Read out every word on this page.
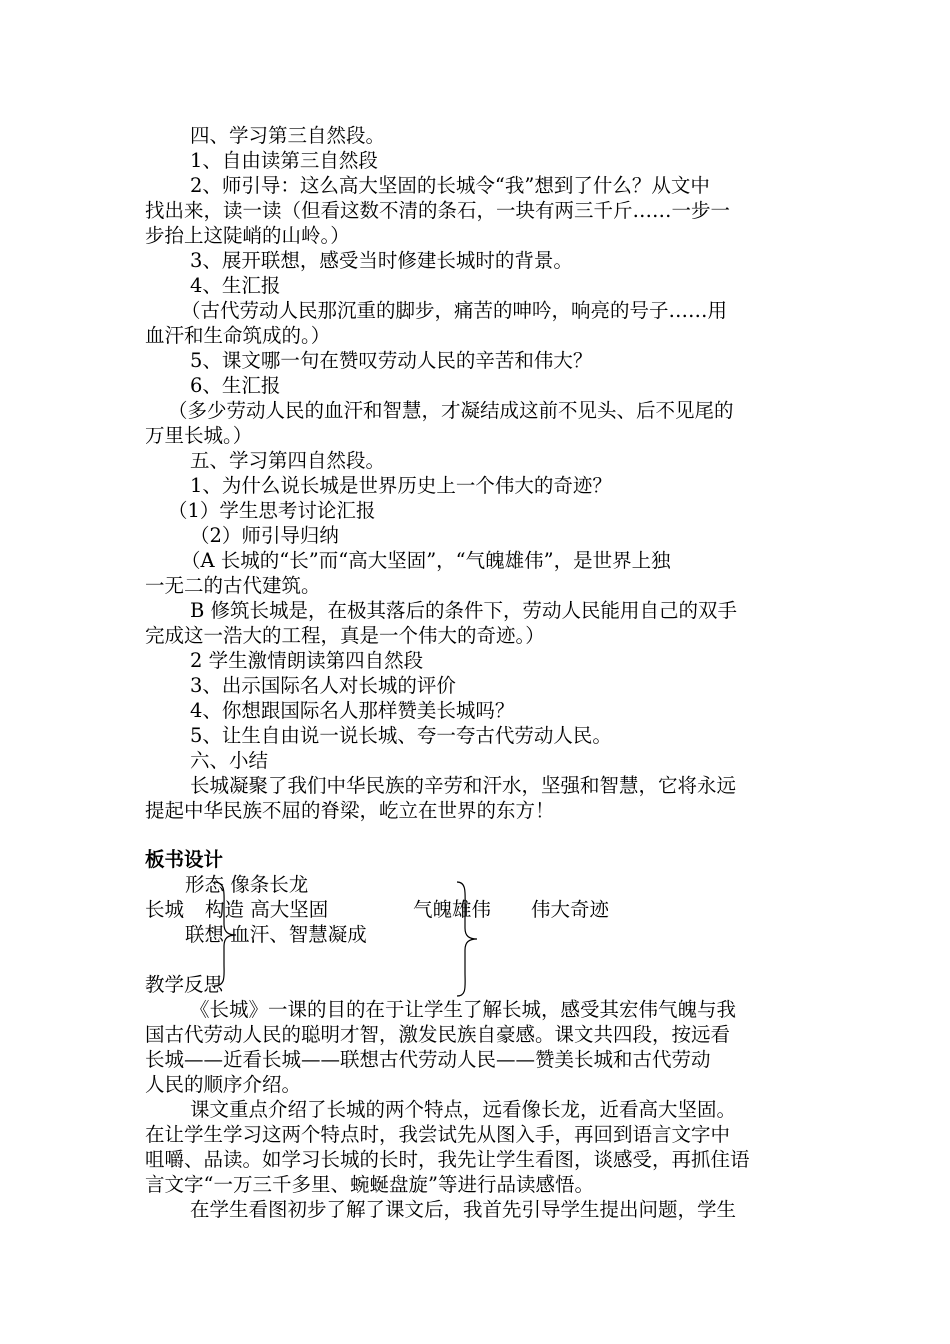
四、学习第三自然段。
1、自由读第三自然段
2、师引导：这么高大坚固的长城令“我”想到了什么？从文中
找出来，读一读（但看这数不清的条石，一块有两三千斤……一步一
步抬上这陡峭的山岭。）
3、展开联想，感受当时修建长城时的背景。
4、生汇报
（古代劳动人民那沉重的脚步，痛苦的呻吟，响亮的号子……用
血汗和生命筑成的。）
5、课文哪一句在赞叹劳动人民的辛苦和伟大？
6、生汇报
（多少劳动人民的血汗和智慧，才凝结成这前不见头、后不见尾的
万里长城。）
五、学习第四自然段。
1、为什么说长城是世界历史上一个伟大的奇迹？
（1）学生思考讨论汇报
（2）师引导归纳
（A 长城的“长”而“高大坚固”，“气魄雄伟”，是世界上独
一无二的古代建筑。
B 修筑长城是，在极其落后的条件下，劳动人民能用自己的双手
完成这一浩大的工程，真是一个伟大的奇迹。）
2 学生激情朗读第四自然段
3、出示国际名人对长城的评价
4、你想跟国际名人那样赞美长城吗？
5、让生自由说一说长城、夸一夸古代劳动人民。
六、小结
长城凝聚了我们中华民族的辛劳和汗水，坚强和智慧，它将永远
提起中华民族不屈的脊梁，屹立在世界的东方！
板书设计
形态 像条长龙
长城 构造 高大坚固	气魄雄伟 伟大奇迹
联想 血汗、智慧凝成
教学反思
《长城》一课的目的在于让学生了解长城，感受其宏伟气魄与我
国古代劳动人民的聪明才智，激发民族自豪感。课文共四段，按远看
长城——近看长城——联想古代劳动人民——赞美长城和古代劳动
人民的顺序介绍。
课文重点介绍了长城的两个特点，远看像长龙，近看高大坚固。
在让学生学习这两个特点时，我尝试先从图入手，再回到语言文字中
咀嚼、品读。如学习长城的长时，我先让学生看图，谈感受，再抓住语
言文字“一万三千多里、蜿蜒盘旋”等进行品读感悟。
在学生看图初步了解了课文后，我首先引导学生提出问题，学生
